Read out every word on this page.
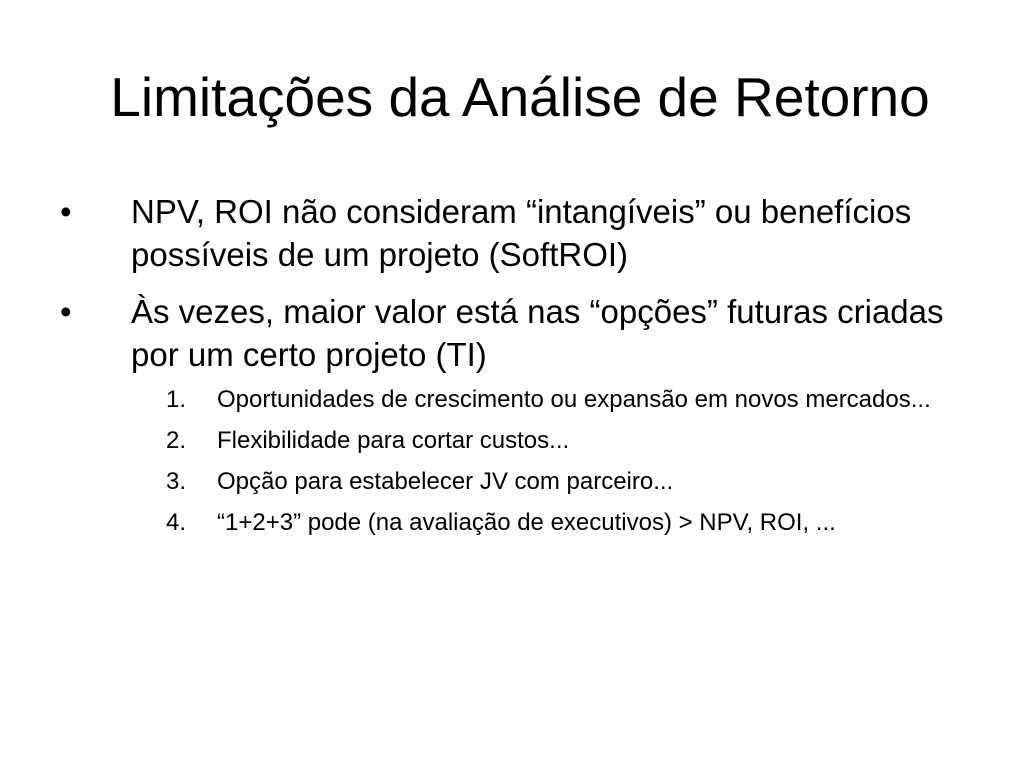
Limitações da Análise de Retorno
•	NPV, ROI não consideram “intangíveis” ou benefícios possíveis de um projeto (SoftROI)
•	Às vezes, maior valor está nas “opções” futuras criadas por um certo projeto (TI)
1.	Oportunidades de crescimento ou expansão em novos mercados...
2.	Flexibilidade para cortar custos...
3.	Opção para estabelecer JV com parceiro...
4.	“1+2+3” pode (na avaliação de executivos) > NPV, ROI, ...
